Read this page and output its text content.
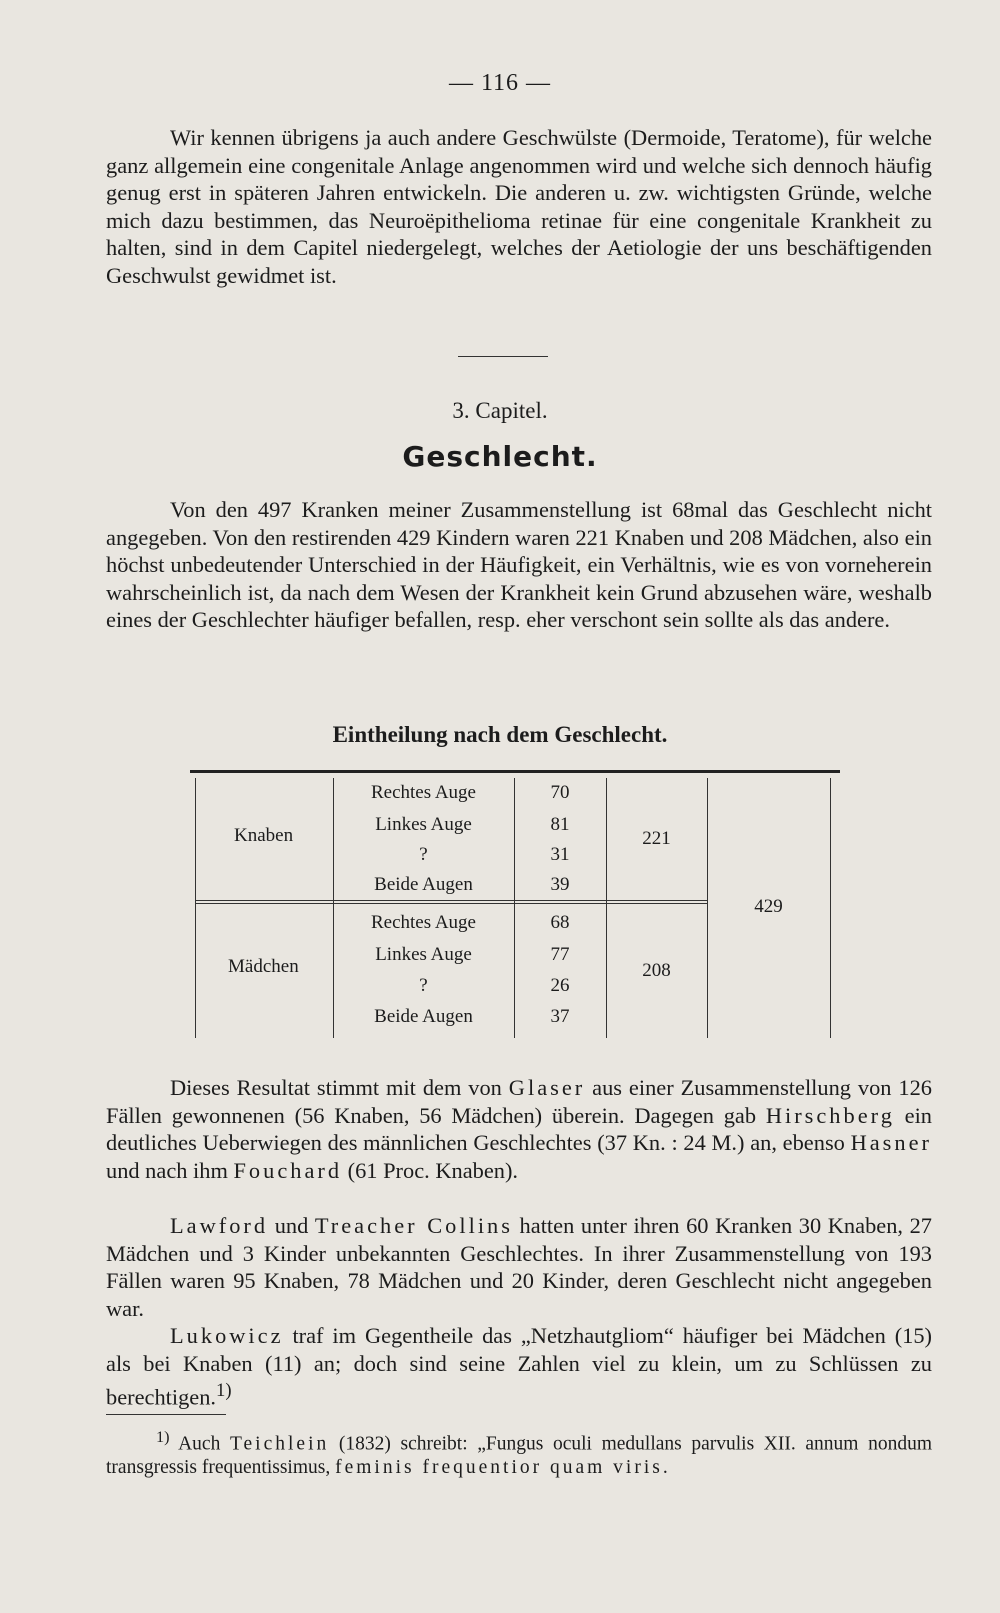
— 116 —

Wir kennen übrigens ja auch andere Geschwülste (Dermoide, Teratome), für welche ganz allgemein eine congenitale Anlage angenommen wird und welche sich dennoch häufig genug erst in späteren Jahren entwickeln. Die anderen u. zw. wichtigsten Gründe, welche mich dazu bestimmen, das Neuroëpithelioma retinae für eine congenitale Krankheit zu halten, sind in dem Capitel niedergelegt, welches der Aetiologie der uns beschäftigenden Geschwulst gewidmet ist.

3. Capitel.
Geschlecht.

Von den 497 Kranken meiner Zusammenstellung ist 68mal das Geschlecht nicht angegeben. Von den restirenden 429 Kindern waren 221 Knaben und 208 Mädchen, also ein höchst unbedeutender Unterschied in der Häufigkeit, ein Verhältnis, wie es von vorneherein wahrscheinlich ist, da nach dem Wesen der Krankheit kein Grund abzusehen wäre, weshalb eines der Geschlechter häufiger befallen, resp. eher verschont sein sollte als das andere.

Eintheilung nach dem Geschlecht.
Knaben
Rechtes Auge	70
Linkes Auge	81
?	31
Beide Augen	39
221
Mädchen
Rechtes Auge	68
Linkes Auge	77
?	26
Beide Augen	37
208
429

Dieses Resultat stimmt mit dem von Glaser aus einer Zusammenstellung von 126 Fällen gewonnenen (56 Knaben, 56 Mädchen) überein. Dagegen gab Hirschberg ein deutliches Ueberwiegen des männlichen Geschlechtes (37 Kn. : 24 M.) an, ebenso Hasner und nach ihm Fouchard (61 Proc. Knaben).

Lawford und Treacher Collins hatten unter ihren 60 Kranken 30 Knaben, 27 Mädchen und 3 Kinder unbekannten Geschlechtes. In ihrer Zusammenstellung von 193 Fällen waren 95 Knaben, 78 Mädchen und 20 Kinder, deren Geschlecht nicht angegeben war.

Lukowicz traf im Gegentheile das „Netzhautgliom“ häufiger bei Mädchen (15) als bei Knaben (11) an; doch sind seine Zahlen viel zu klein, um zu Schlüssen zu berechtigen.$^{1)}$

$^{1)}$ Auch Teichlein (1832) schreibt: „Fungus oculi medullans parvulis XII. annum nondum transgressis frequentissimus, feminis frequentior quam viris.
